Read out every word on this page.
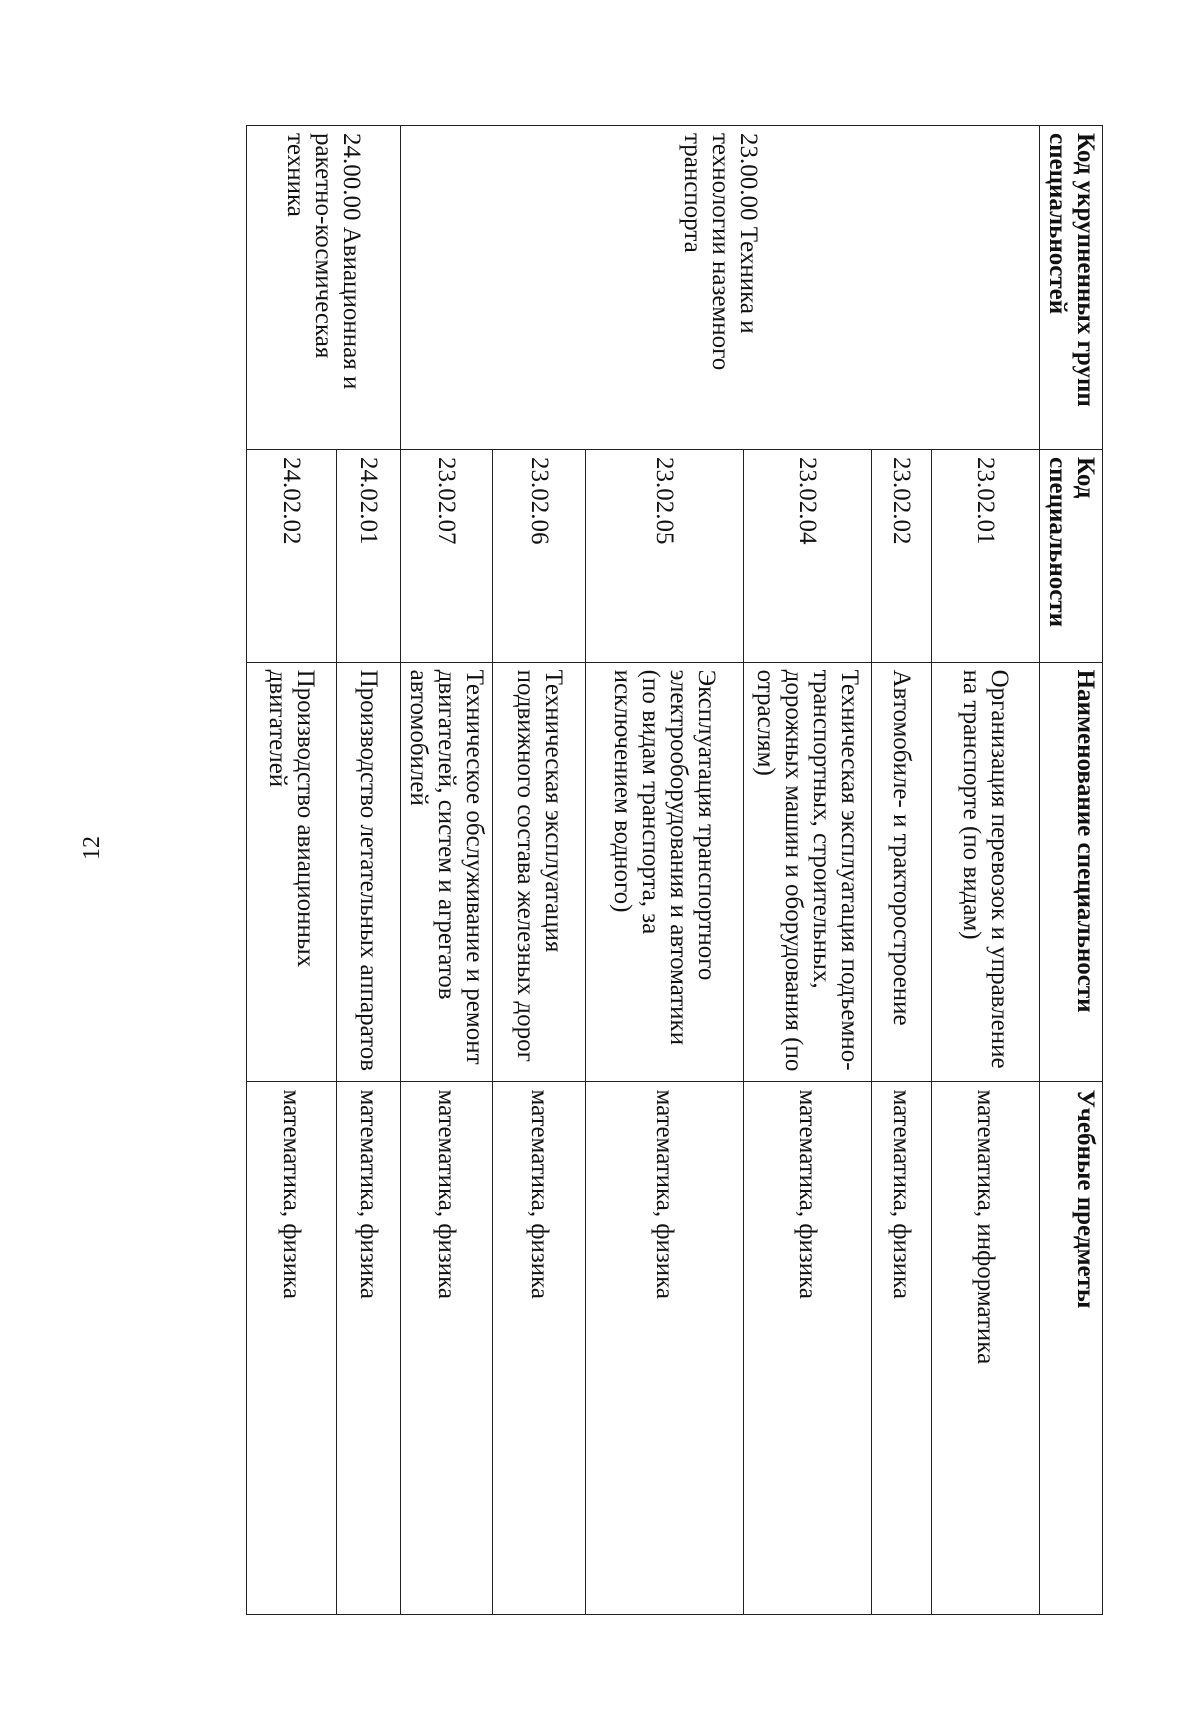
12
Код укрупненных групп специальностей	Код специальности	Наименование специальности	Учебные предметы
23.00.00 Техника и технологии наземного транспорта	23.02.01	Организация перевозок и управление на транспорте (по видам)	математика, информатика
	23.02.02	Автомобиле- и тракторостроение	математика, физика
	23.02.04	Техническая эксплуатация подъемно-транспортных, строительных, дорожных машин и оборудования (по отраслям)	математика, физика
	23.02.05	Эксплуатация транспортного электрооборудования и автоматики (по видам транспорта, за исключением водного)	математика, физика
	23.02.06	Техническая эксплуатация подвижного состава железных дорог	математика, физика
	23.02.07	Техническое обслуживание и ремонт двигателей, систем и агрегатов автомобилей	математика, физика
24.00.00 Авиационная и ракетно-космическая техника	24.02.01	Производство летательных аппаратов	математика, физика
	24.02.02	Производство авиационных двигателей	математика, физика
